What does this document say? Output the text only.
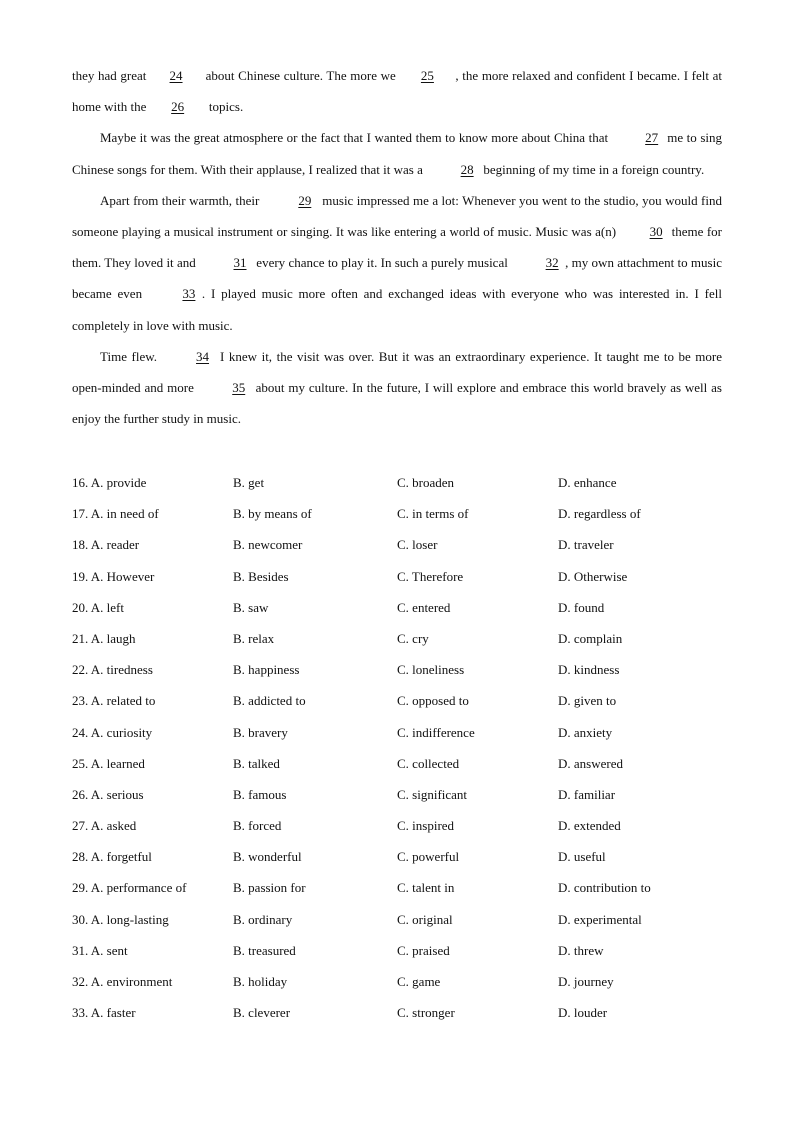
they had great 24 about Chinese culture. The more we 25 , the more relaxed and confident I became. I felt at home with the 26 topics.

Maybe it was the great atmosphere or the fact that I wanted them to know more about China that	27 me to sing Chinese songs for them. With their applause, I realized that it was a	28 beginning of my time in a foreign country.

Apart from their warmth, their	29 music impressed me a lot: Whenever you went to the studio, you would find someone playing a musical instrument or singing. It was like entering a world of music. Music was a(n)	30 theme for them. They loved it and	31 every chance to play it. In such a purely musical	32 , my own attachment to music became even	33 . I played music more often and exchanged ideas with everyone who was interested in. I fell completely in love with music.

Time flew.	34 I knew it, the visit was over. But it was an extraordinary experience. It taught me to be more open-minded and more	35 about my culture. In the future, I will explore and embrace this world bravely as well as enjoy the further study in music.

16. A. provide	B. get	C. broaden	D. enhance
17. A. in need of	B. by means of	C. in terms of	D. regardless of
18. A. reader	B. newcomer	C. loser	D. traveler
19. A. However	B. Besides	C. Therefore	D. Otherwise
20. A. left	B. saw	C. entered	D. found
21. A. laugh	B. relax	C. cry	D. complain
22. A. tiredness	B. happiness	C. loneliness	D. kindness
23. A. related to	B. addicted to	C. opposed to	D. given to
24. A. curiosity	B. bravery	C. indifference	D. anxiety
25. A. learned	B. talked	C. collected	D. answered
26. A. serious	B. famous	C. significant	D. familiar
27. A. asked	B. forced	C. inspired	D. extended
28. A. forgetful	B. wonderful	C. powerful	D. useful
29. A. performance of	B. passion for	C. talent in	D. contribution to
30. A. long-lasting	B. ordinary	C. original	D. experimental
31. A. sent	B. treasured	C. praised	D. threw
32. A. environment	B. holiday	C. game	D. journey
33. A. faster	B. cleverer	C. stronger	D. louder
